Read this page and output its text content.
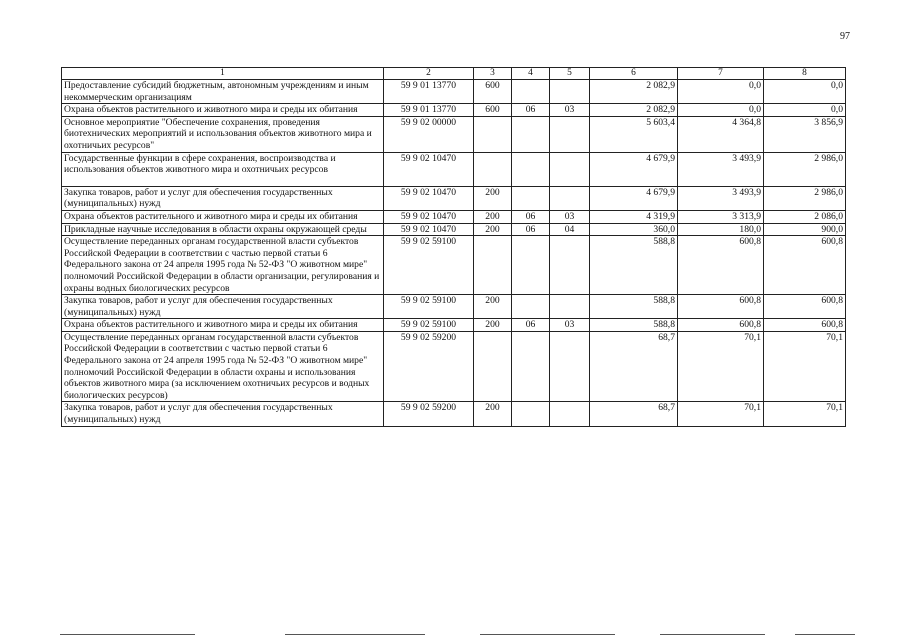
97
1	2	3	4	5	6	7	8
Предоставление субсидий бюджетным, автономным учреждениям и иным некоммерческим организациям	59 9 01 13770	600			2 082,9	0,0	0,0
Охрана объектов растительного и животного мира и среды их обитания	59 9 01 13770	600	06	03	2 082,9	0,0	0,0
Основное мероприятие "Обеспечение сохранения, проведения биотехнических мероприятий и использования объектов животного мира и охотничьих ресурсов"	59 9 02 00000				5 603,4	4 364,8	3 856,9
Государственные функции в сфере сохранения, воспроизводства и использования объектов животного мира и охотничьих ресурсов	59 9 02 10470				4 679,9	3 493,9	2 986,0
Закупка товаров, работ и услуг для обеспечения государственных (муниципальных) нужд	59 9 02 10470	200			4 679,9	3 493,9	2 986,0
Охрана объектов растительного и животного мира и среды их обитания	59 9 02 10470	200	06	03	4 319,9	3 313,9	2 086,0
Прикладные научные исследования в области охраны окружающей среды	59 9 02 10470	200	06	04	360,0	180,0	900,0
Осуществление переданных органам государственной власти субъектов Российской Федерации в соответствии с частью первой статьи 6 Федерального закона от 24 апреля 1995 года № 52-ФЗ "О животном мире" полномочий Российской Федерации в области организации, регулирования и охраны водных биологических ресурсов	59 9 02 59100				588,8	600,8	600,8
Закупка товаров, работ и услуг для обеспечения государственных (муниципальных) нужд	59 9 02 59100	200			588,8	600,8	600,8
Охрана объектов растительного и животного мира и среды их обитания	59 9 02 59100	200	06	03	588,8	600,8	600,8
Осуществление переданных органам государственной власти субъектов Российской Федерации в соответствии с частью первой статьи 6 Федерального закона от 24 апреля 1995 года № 52-ФЗ "О животном мире" полномочий Российской Федерации в области охраны и использования объектов животного мира (за исключением охотничьих ресурсов и водных биологических ресурсов)	59 9 02 59200				68,7	70,1	70,1
Закупка товаров, работ и услуг для обеспечения государственных (муниципальных) нужд	59 9 02 59200	200			68,7	70,1	70,1
